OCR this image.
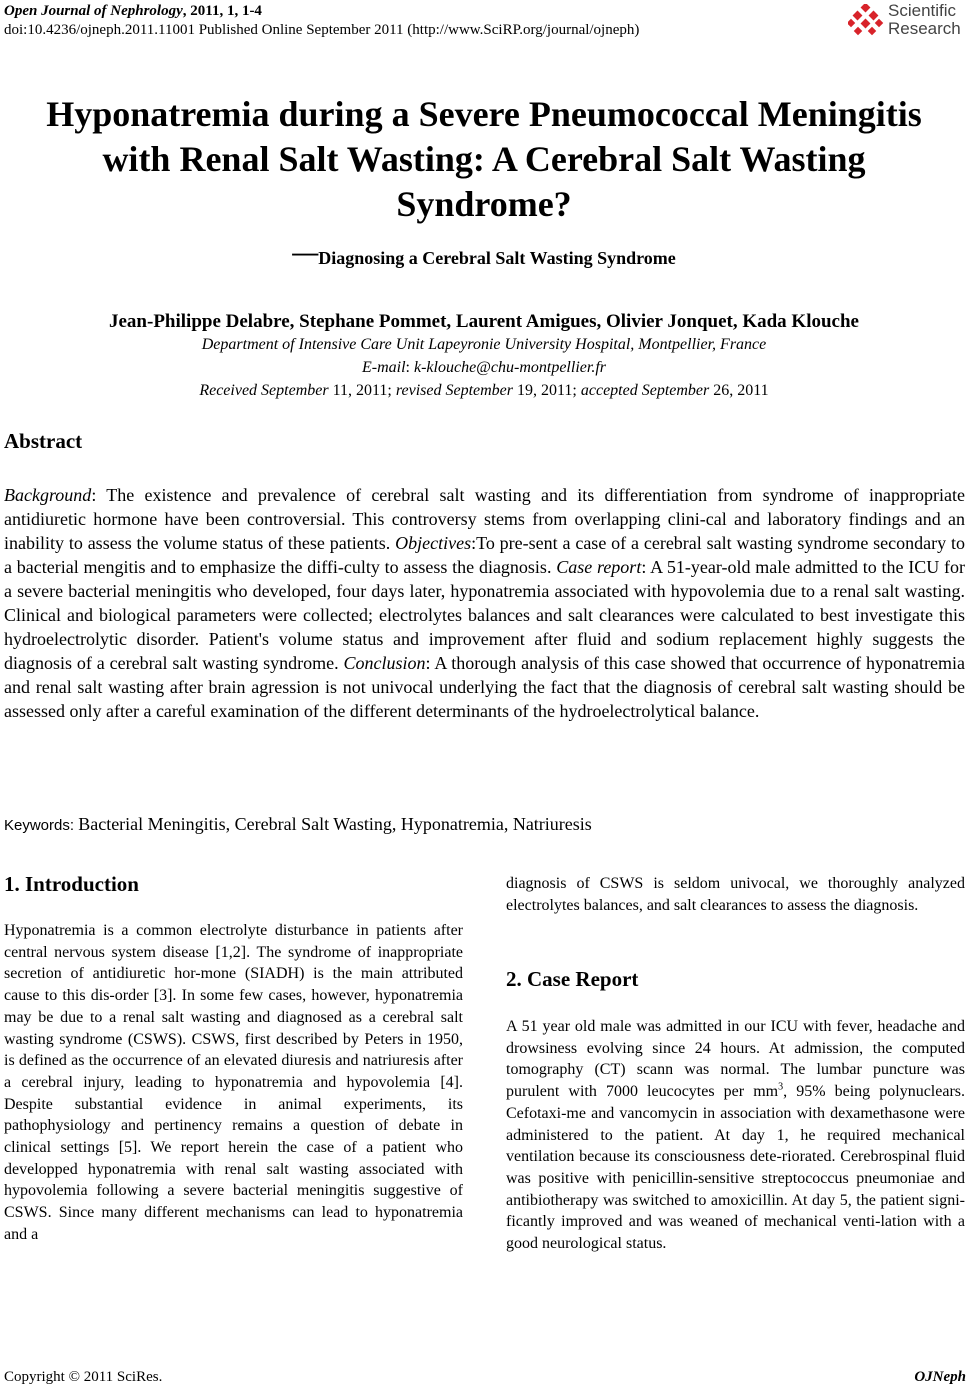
Open Journal of Nephrology, 2011, 1, 1-4
doi:10.4236/ojneph.2011.11001 Published Online September 2011 (http://www.SciRP.org/journal/ojneph)
Scientific
Research
Hyponatremia during a Severe Pneumococcal Meningitis
with Renal Salt Wasting: A Cerebral Salt Wasting
Syndrome?
—Diagnosing a Cerebral Salt Wasting Syndrome
Jean-Philippe Delabre, Stephane Pommet, Laurent Amigues, Olivier Jonquet, Kada Klouche
Department of Intensive Care Unit Lapeyronie University Hospital, Montpellier, France
E-mail: k-klouche@chu-montpellier.fr
Received September 11, 2011; revised September 19, 2011; accepted September 26, 2011
Abstract

Background: The existence and prevalence of cerebral salt wasting and its differentiation from syndrome of inappropriate antidiuretic hormone have been controversial. This controversy stems from overlapping clini-cal and laboratory findings and an inability to assess the volume status of these patients. Objectives:To pre-sent a case of a cerebral salt wasting syndrome secondary to a bacterial mengitis and to emphasize the diffi-culty to assess the diagnosis. Case report: A 51-year-old male admitted to the ICU for a severe bacterial meningitis who developed, four days later, hyponatremia associated with hypovolemia due to a renal salt wasting. Clinical and biological parameters were collected; electrolytes balances and salt clearances were calculated to best investigate this hydroelectrolytic disorder. Patient's volume status and improvement after fluid and sodium replacement highly suggests the diagnosis of a cerebral salt wasting syndrome. Conclusion: A thorough analysis of this case showed that occurrence of hyponatremia and renal salt wasting after brain agression is not univocal underlying the fact that the diagnosis of cerebral salt wasting should be assessed only after a careful examination of the different determinants of the hydroelectrolytical balance.

Keywords: Bacterial Meningitis, Cerebral Salt Wasting, Hyponatremia, Natriuresis
1. Introduction

Hyponatremia is a common electrolyte disturbance in patients after central nervous system disease [1,2]. The syndrome of inappropriate secretion of antidiuretic hor-mone (SIADH) is the main attributed cause to this dis-order [3]. In some few cases, however, hyponatremia may be due to a renal salt wasting and diagnosed as a cerebral salt wasting syndrome (CSWS). CSWS, first described by Peters in 1950, is defined as the occurrence of an elevated diuresis and natriuresis after a cerebral injury, leading to hyponatremia and hypovolemia [4]. Despite substantial evidence in animal experiments, its pathophysiology and pertinency remains a question of debate in clinical settings [5]. We report herein the case of a patient who developped hyponatremia with renal salt wasting associated with hypovolemia following a severe bacterial meningitis suggestive of CSWS. Since many different mechanisms can lead to hyponatremia and a

diagnosis of CSWS is seldom univocal, we thoroughly analyzed electrolytes balances, and salt clearances to assess the diagnosis.

2. Case Report

A 51 year old male was admitted in our ICU with fever, headache and drowsiness evolving since 24 hours. At admission, the computed tomography (CT) scann was normal. The lumbar puncture was purulent with 7000 leucocytes per $mm^3$, 95% being polynuclears. Cefotaxi-me and vancomycin in association with dexamethasone were administered to the patient. At day 1, he required mechanical ventilation because its consciousness dete-riorated. Cerebrospinal fluid was positive with penicillin-sensitive streptococcus pneumoniae and antibiotherapy was switched to amoxicillin. At day 5, the patient signi-ficantly improved and was weaned of mechanical venti-lation with a good neurological status.

Copyright © 2011 SciRes.	OJNeph
